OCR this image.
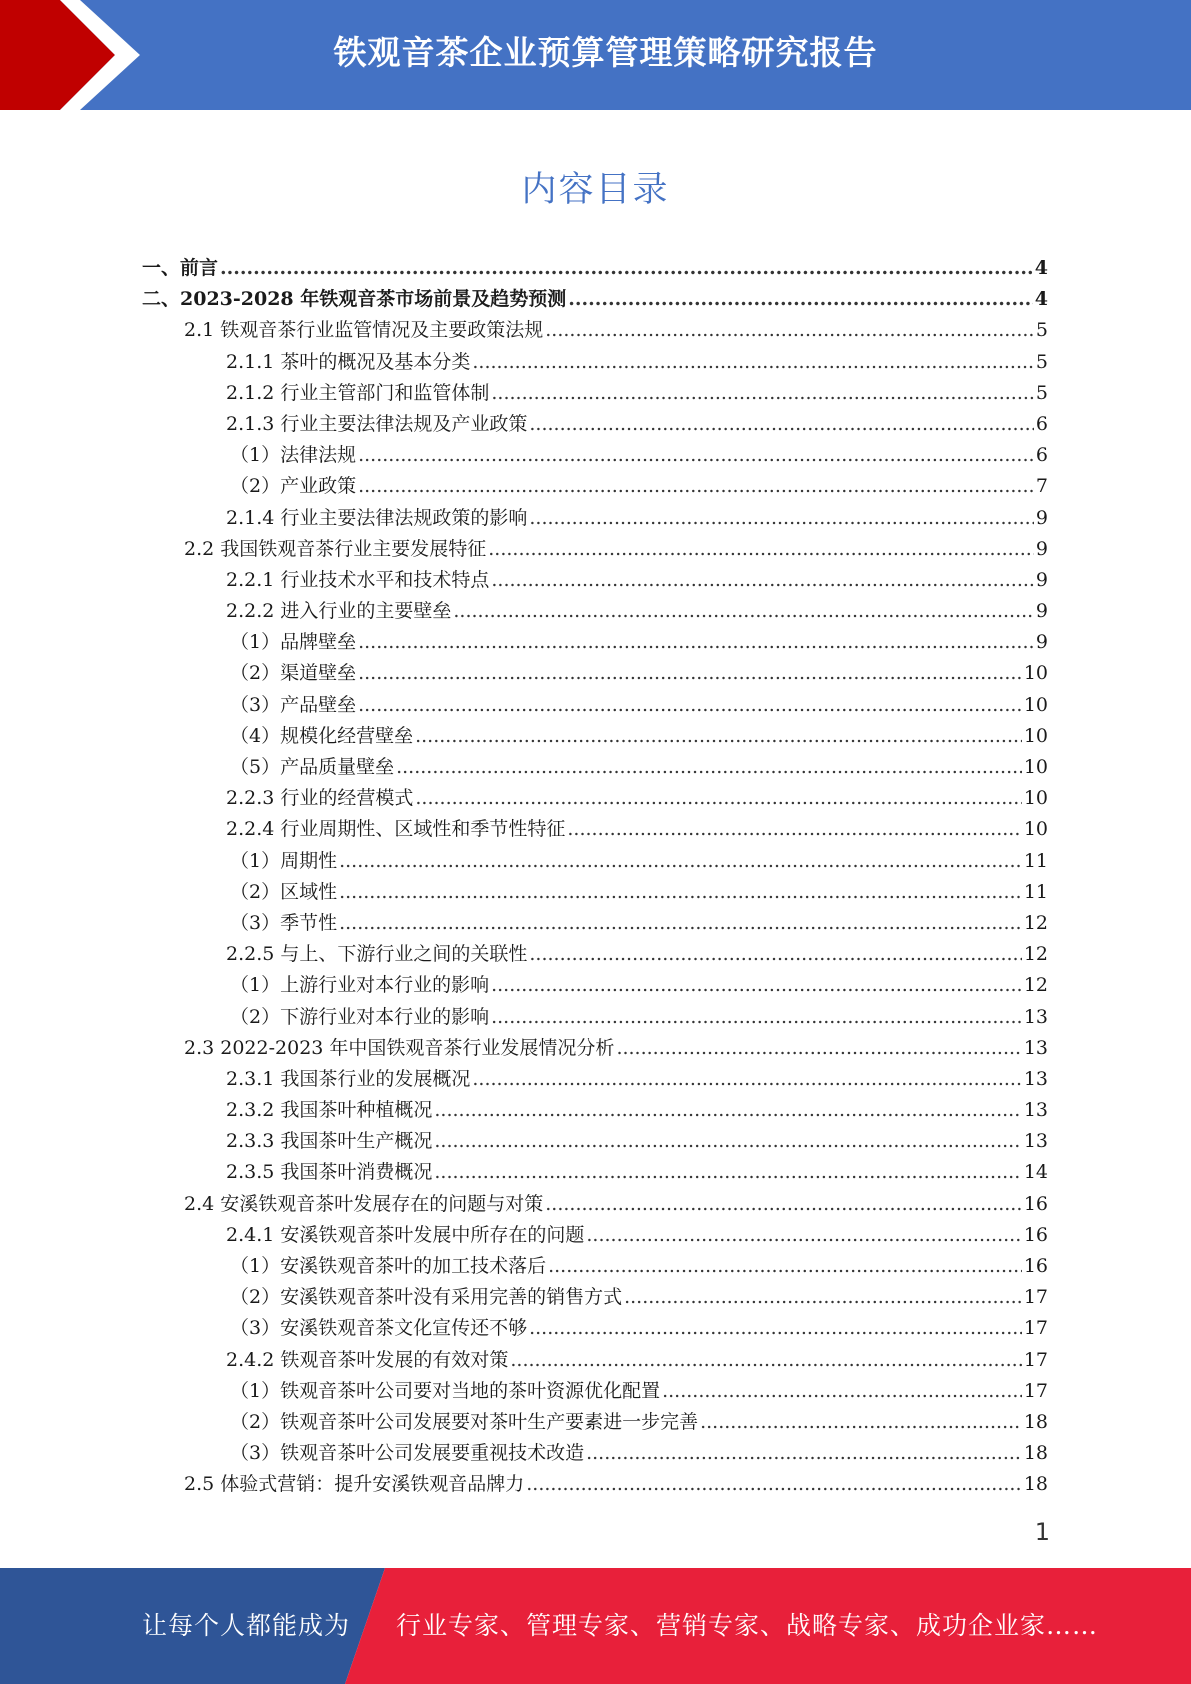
铁观音茶企业预算管理策略研究报告
内容目录
一、前言 .....	4
二、2023-2028 年铁观音茶市场前景及趋势预测 .....	4
2.1 铁观音茶行业监管情况及主要政策法规 .....	5
2.1.1 茶叶的概况及基本分类 .....	5
2.1.2 行业主管部门和监管体制 .....	5
2.1.3 行业主要法律法规及产业政策 .....	6
（1）法律法规 .....	6
（2）产业政策 .....	7
2.1.4 行业主要法律法规政策的影响 .....	9
2.2 我国铁观音茶行业主要发展特征 .....	9
2.2.1 行业技术水平和技术特点 .....	9
2.2.2 进入行业的主要壁垒 .....	9
（1）品牌壁垒 .....	9
（2）渠道壁垒 .....	10
（3）产品壁垒 .....	10
（4）规模化经营壁垒 .....	10
（5）产品质量壁垒 .....	10
2.2.3 行业的经营模式 .....	10
2.2.4 行业周期性、区域性和季节性特征 .....	10
（1）周期性 .....	11
（2）区域性 .....	11
（3）季节性 .....	12
2.2.5 与上、下游行业之间的关联性 .....	12
（1）上游行业对本行业的影响 .....	12
（2）下游行业对本行业的影响 .....	13
2.3 2022-2023 年中国铁观音茶行业发展情况分析 .....	13
2.3.1 我国茶行业的发展概况 .....	13
2.3.2 我国茶叶种植概况 .....	13
2.3.3 我国茶叶生产概况 .....	13
2.3.5 我国茶叶消费概况 .....	14
2.4 安溪铁观音茶叶发展存在的问题与对策 .....	16
2.4.1 安溪铁观音茶叶发展中所存在的问题 .....	16
（1）安溪铁观音茶叶的加工技术落后 .....	16
（2）安溪铁观音茶叶没有采用完善的销售方式 .....	17
（3）安溪铁观音茶文化宣传还不够 .....	17
2.4.2 铁观音茶叶发展的有效对策 .....	17
（1）铁观音茶叶公司要对当地的茶叶资源优化配置 .....	17
（2）铁观音茶叶公司发展要对茶叶生产要素进一步完善 .....	18
（3）铁观音茶叶公司发展要重视技术改造 .....	18
2.5 体验式营销：提升安溪铁观音品牌力 .....	18
1
让每个人都能成为 行业专家、管理专家、营销专家、战略专家、成功企业家……
